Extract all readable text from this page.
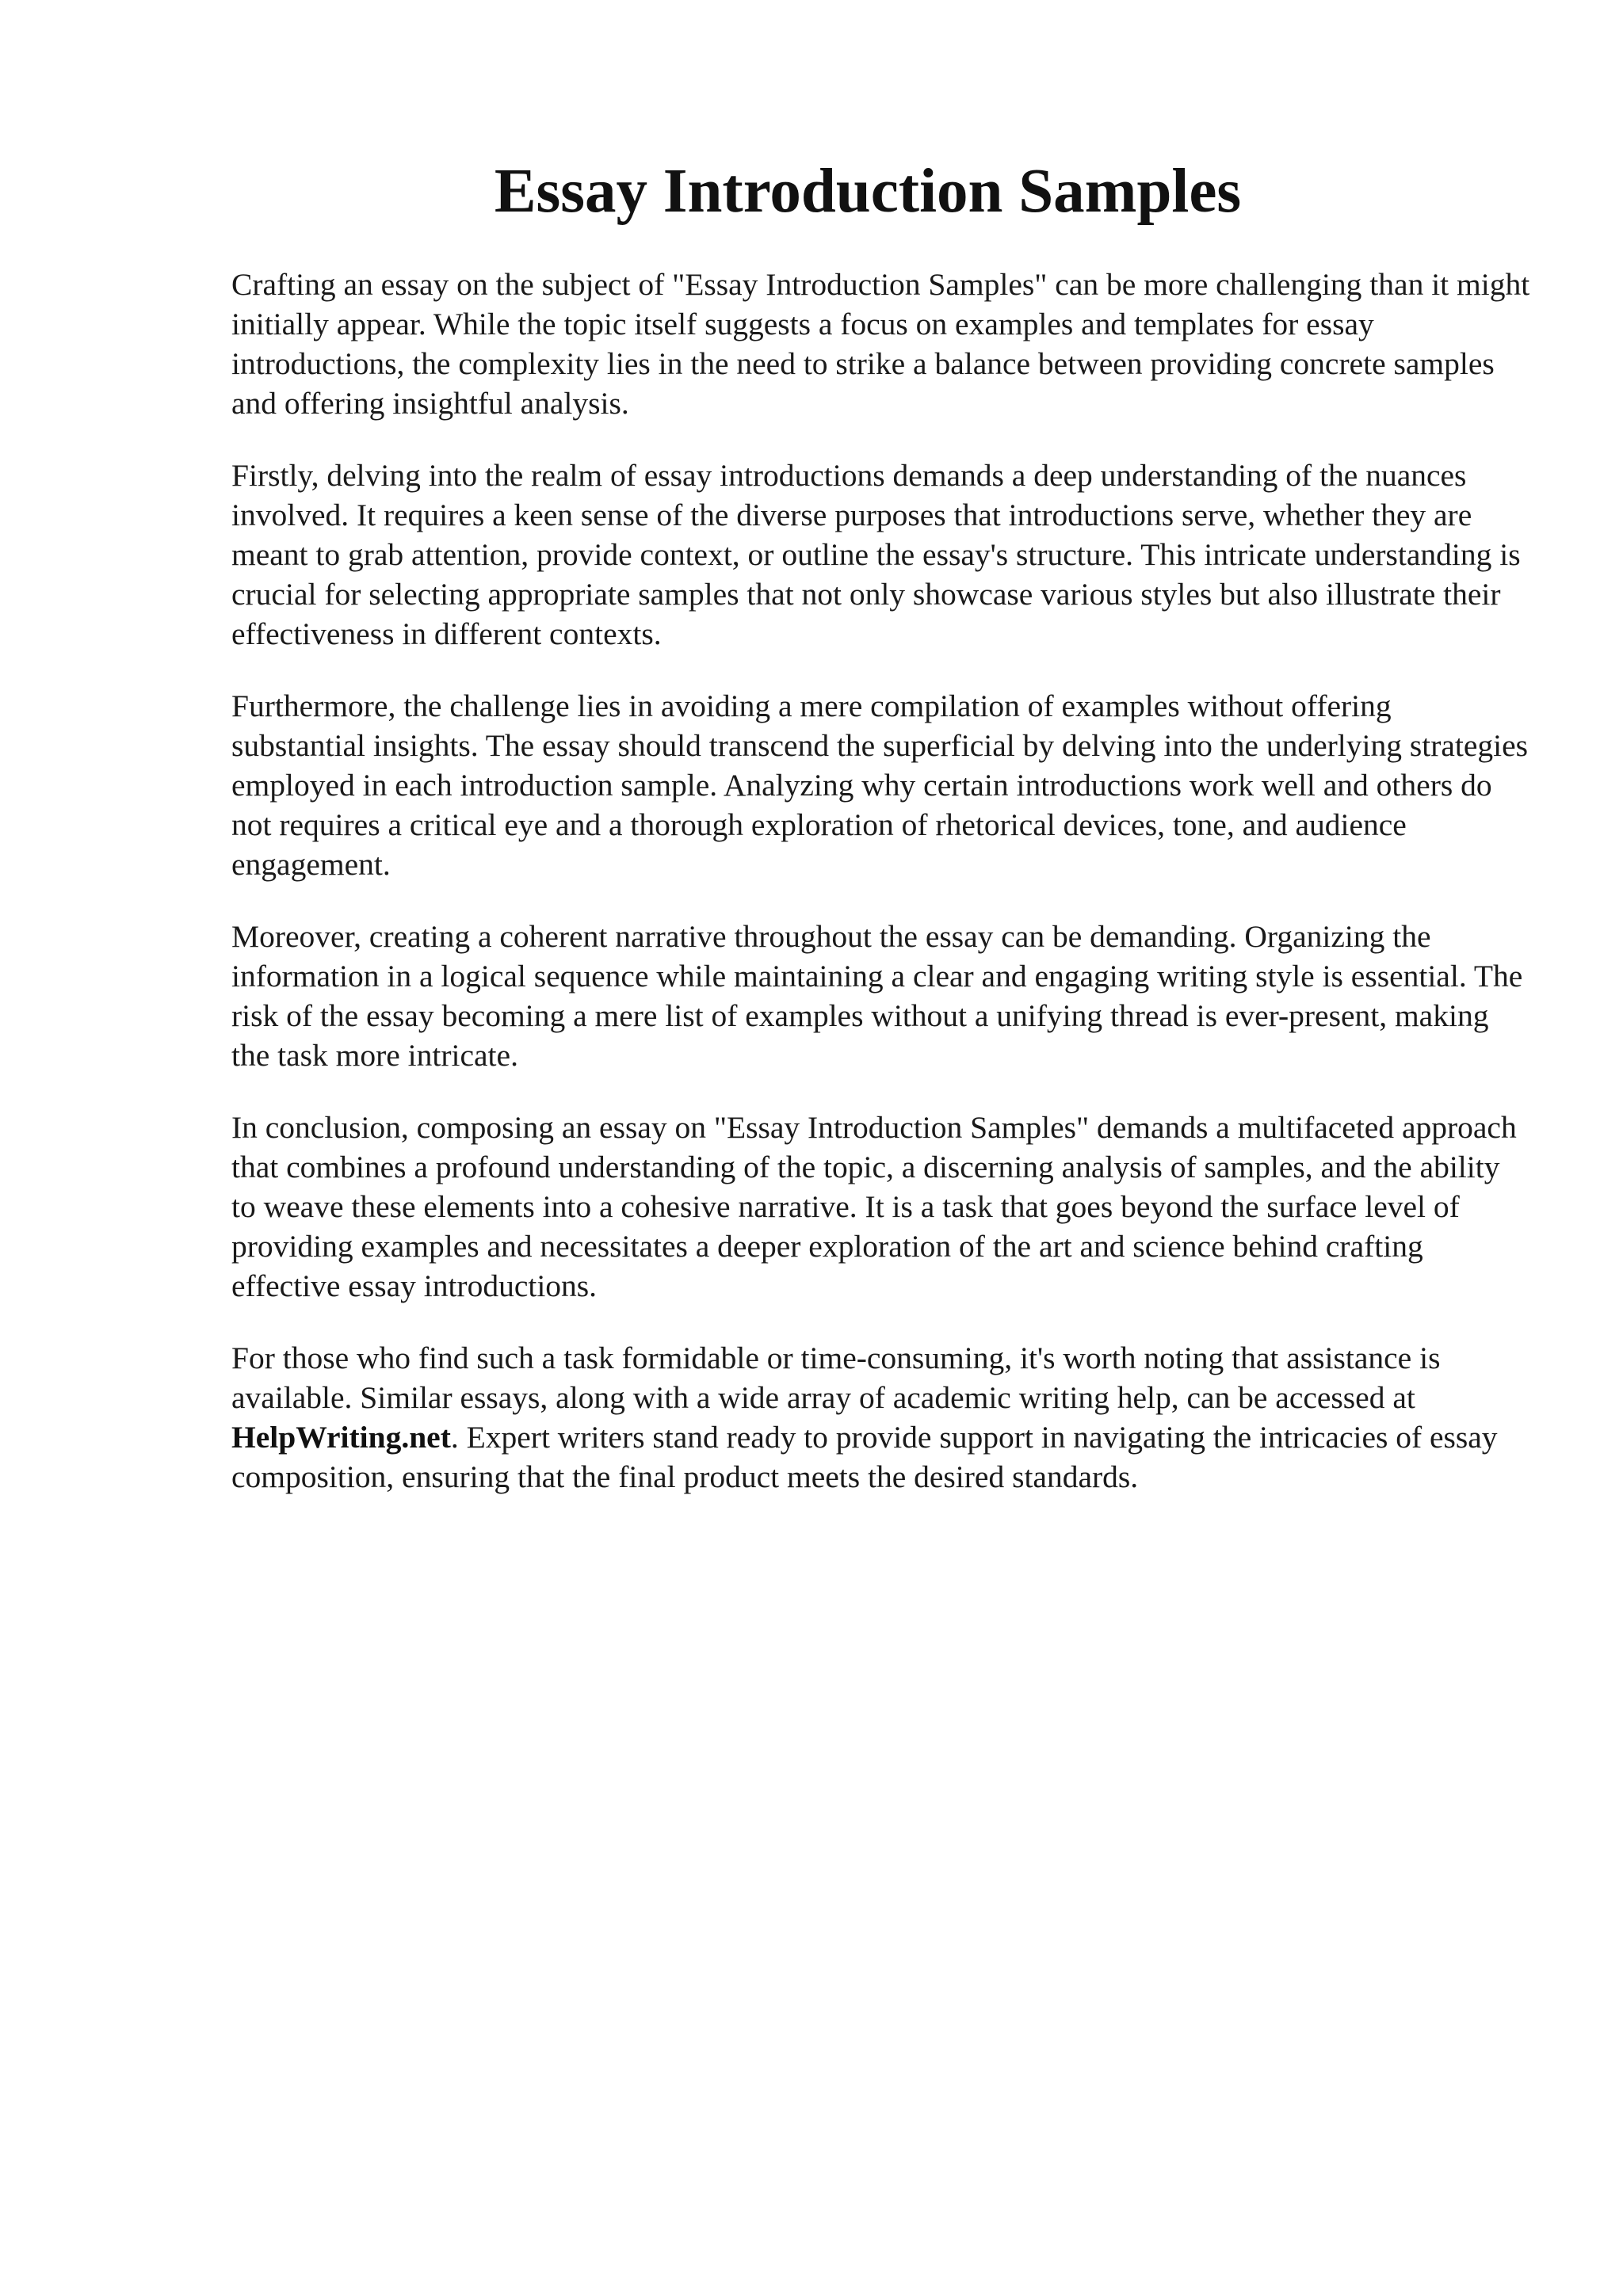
Essay Introduction Samples

Crafting an essay on the subject of "Essay Introduction Samples" can be more challenging than it might initially appear. While the topic itself suggests a focus on examples and templates for essay introductions, the complexity lies in the need to strike a balance between providing concrete samples and offering insightful analysis.

Firstly, delving into the realm of essay introductions demands a deep understanding of the nuances involved. It requires a keen sense of the diverse purposes that introductions serve, whether they are meant to grab attention, provide context, or outline the essay's structure. This intricate understanding is crucial for selecting appropriate samples that not only showcase various styles but also illustrate their effectiveness in different contexts.

Furthermore, the challenge lies in avoiding a mere compilation of examples without offering substantial insights. The essay should transcend the superficial by delving into the underlying strategies employed in each introduction sample. Analyzing why certain introductions work well and others do not requires a critical eye and a thorough exploration of rhetorical devices, tone, and audience engagement.

Moreover, creating a coherent narrative throughout the essay can be demanding. Organizing the information in a logical sequence while maintaining a clear and engaging writing style is essential. The risk of the essay becoming a mere list of examples without a unifying thread is ever-present, making the task more intricate.

In conclusion, composing an essay on "Essay Introduction Samples" demands a multifaceted approach that combines a profound understanding of the topic, a discerning analysis of samples, and the ability to weave these elements into a cohesive narrative. It is a task that goes beyond the surface level of providing examples and necessitates a deeper exploration of the art and science behind crafting effective essay introductions.

For those who find such a task formidable or time-consuming, it's worth noting that assistance is available. Similar essays, along with a wide array of academic writing help, can be accessed at HelpWriting.net. Expert writers stand ready to provide support in navigating the intricacies of essay composition, ensuring that the final product meets the desired standards.
